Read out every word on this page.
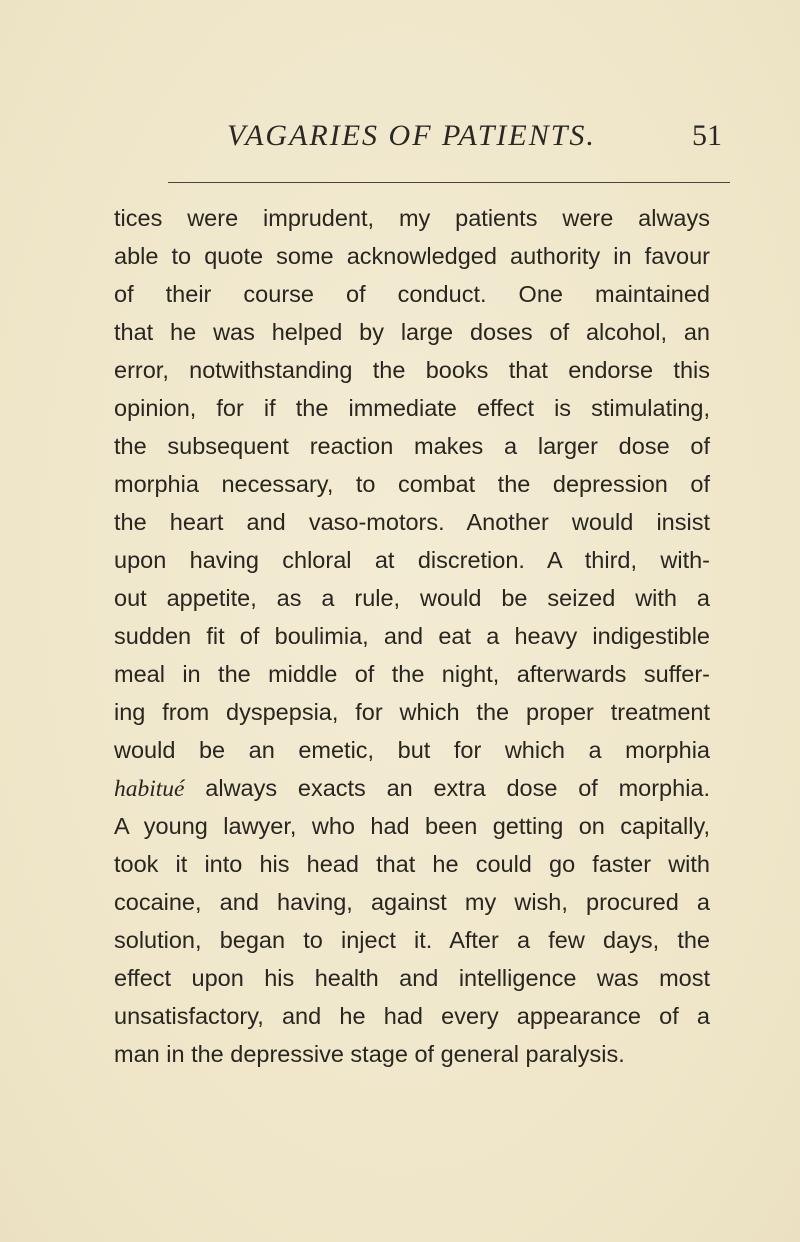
VAGARIES OF PATIENTS.	51
tices were imprudent, my patients were always
able to quote some acknowledged authority in favour
of their course of conduct. One maintained
that he was helped by large doses of alcohol, an
error, notwithstanding the books that endorse this
opinion, for if the immediate effect is stimulating,
the subsequent reaction makes a larger dose of
morphia necessary, to combat the depression of
the heart and vaso-motors. Another would insist
upon having chloral at discretion. A third, with-
out appetite, as a rule, would be seized with a
sudden fit of boulimia, and eat a heavy indigestible
meal in the middle of the night, afterwards suffer-
ing from dyspepsia, for which the proper treatment
would be an emetic, but for which a morphia
habitué always exacts an extra dose of morphia.
A young lawyer, who had been getting on capitally,
took it into his head that he could go faster with
cocaine, and having, against my wish, procured a
solution, began to inject it. After a few days, the
effect upon his health and intelligence was most
unsatisfactory, and he had every appearance of a
man in the depressive stage of general paralysis.
